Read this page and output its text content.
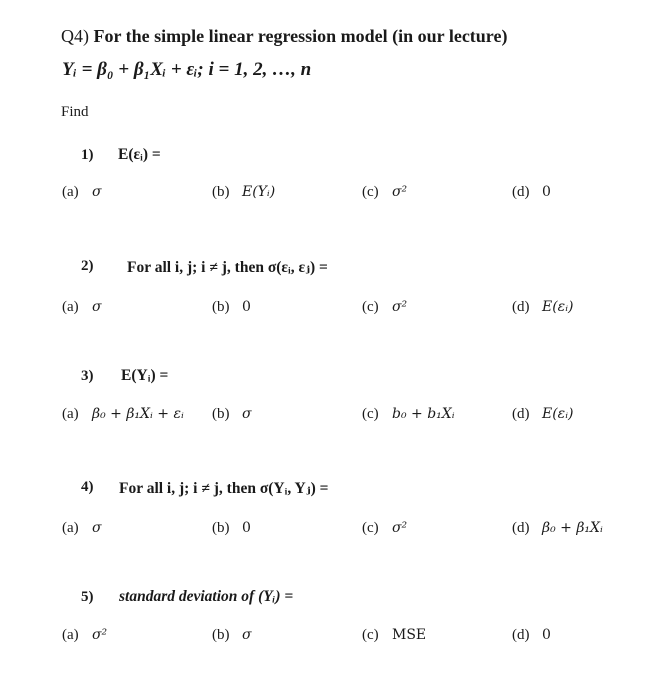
Q4) For the simple linear regression model (in our lecture)
Yᵢ = β₀ + β₁Xᵢ + εᵢ; i = 1, 2, …, n
Find
1) E(εᵢ) =
(a) σ	(b) E(Yᵢ)	(c) σ²	(d) 0
2) For all i, j; i ≠ j, then σ(εᵢ, εⱼ) =
(a) σ	(b) 0	(c) σ²	(d) E(εᵢ)
3) E(Yᵢ) =
(a) β₀ + β₁Xᵢ + εᵢ (b) σ	(c) b₀ + b₁Xᵢ	(d) E(εᵢ)
4) For all i, j; i ≠ j, then σ(Yᵢ, Yⱼ) =
(a) σ	(b) 0	(c) σ²	(d) β₀ + β₁Xᵢ
5) standard deviation of (Yᵢ) =
(a) σ²	(b) σ	(c) MSE	(d) 0
